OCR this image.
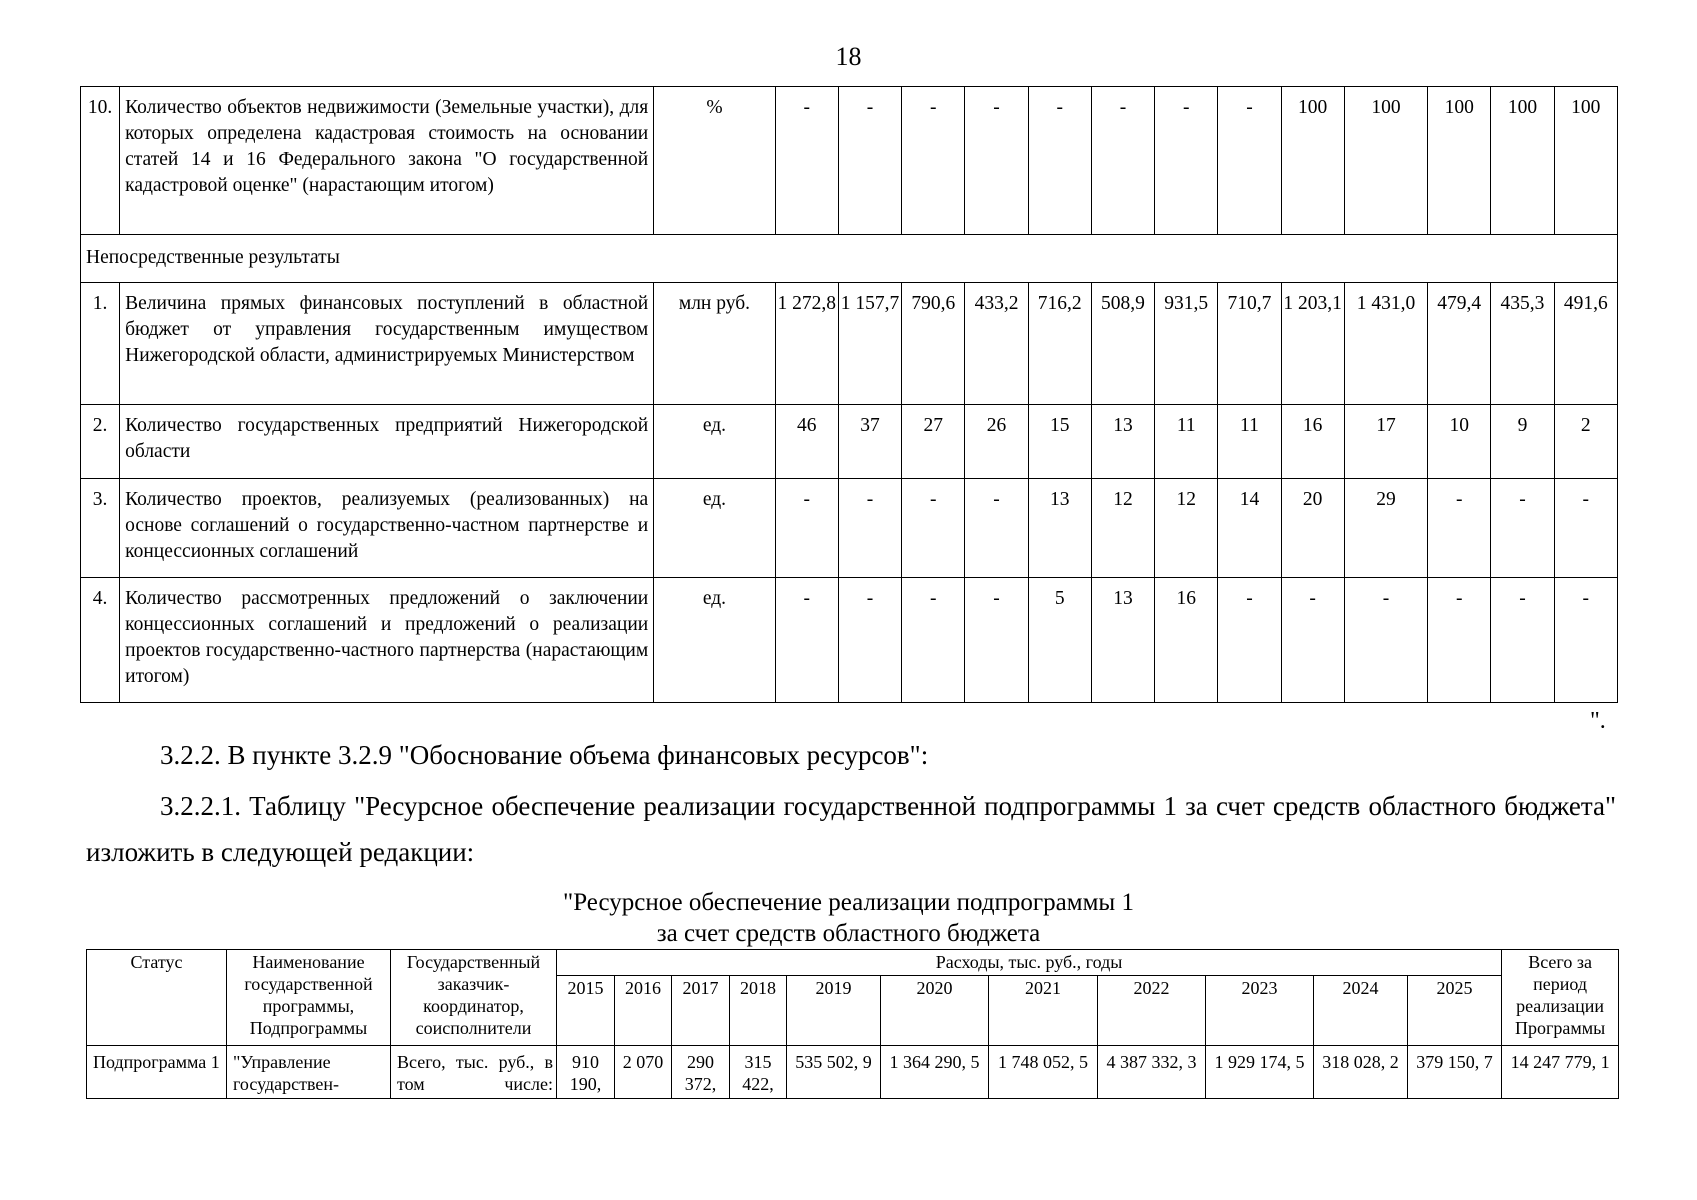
18
10.	Количество объектов недвижимости (Земельные участки), для которых определена кадастровая стоимость на основании статей 14 и 16 Федерального закона "О государственной кадастровой оценке" (нарастающим итогом)	%	-	-	-	-	-	-	-	-	100	100	100	100	100
Непосредственные результаты															
1.	Величина прямых финансовых поступлений в областной бюджет от управления государственным имуществом Нижегородской области, администрируемых Министерством	млн руб.	1 272,8	1 157,7	790,6	433,2	716,2	508,9	931,5	710,7	1 203,1	1 431,0	479,4	435,3	491,6
2.	Количество государственных предприятий Нижегородской области	ед.	46	37	27	26	15	13	11	11	16	17	10	9	2
3.	Количество проектов, реализуемых (реализованных) на основе соглашений о государственно-частном партнерстве и концессионных соглашений	ед.	-	-	-	-	13	12	12	14	20	29	-	-	-
4.	Количество рассмотренных предложений о заключении концессионных соглашений и предложений о реализации проектов государственно-частного партнерства (нарастающим итогом)	ед.	-	-	-	-	5	13	16	-	-	-	-	-	-
".
3.2.2. В пункте 3.2.9 "Обоснование объема финансовых ресурсов":
3.2.2.1. Таблицу "Ресурсное обеспечение реализации государственной подпрограммы 1 за счет средств областного бюджета" изложить в следующей редакции:
"Ресурсное обеспечение реализации подпрограммы 1
за счет средств областного бюджета
Статус	Наименование государственной программы, Подпрограммы	Государственный заказчик-координатор, соисполнители	Расходы, тыс. руб., годы											Всего за период реализации Программы
			2015	2016	2017	2018	2019	2020	2021	2022	2023	2024	2025	
Подпрограмма 1	"Управление государствен-	Всего, тыс. руб., в том числе:	910 190,	2 070	290 372,	315 422,	535 502, 9	1 364 290, 5	1 748 052, 5	4 387 332, 3	1 929 174, 5	318 028, 2	379 150, 7	14 247 779, 1
